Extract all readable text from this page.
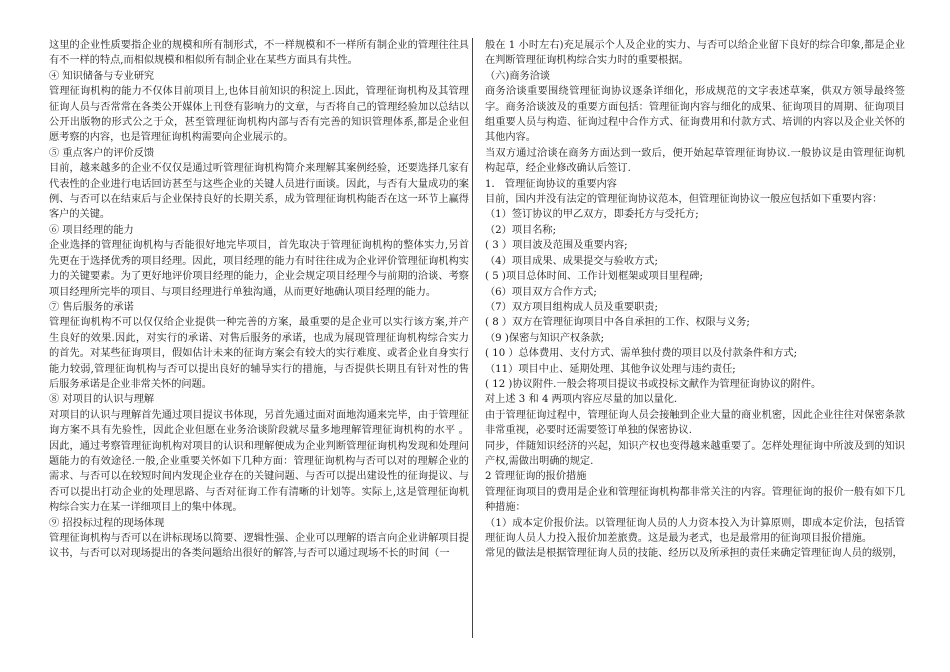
这里的企业性质要指企业的规模和所有制形式，不一样规模和不一样所有制企业的管理往往具有不一样的特点,而相似规模和相似所有制企业在某些方面具有共性。

④ 知识储备与专业研究

管理征询机构的能力不仅体目前项目上,也体目前知识的积淀上.因此，管理征询机构及其管理征询人员与否常常在各类公开媒体上刊登有影响力的文章，与否将自己的管理经验加以总结以公开出版物的形式公之于众，甚至管理征询机构内部与否有完善的知识管理体系,都是企业但愿考察的内容，也是管理征询机构需要向企业展示的。

⑤ 重点客户的评价反馈

目前，越来越多的企业不仅仅是通过听管理征询机构简介来理解其案例经验，还要选择几家有代表性的企业进行电话回访甚至与这些企业的关键人员进行面谈。因此，与否有大量成功的案例、与否可以在结束后与企业保持良好的长期关系，成为管理征询机构能否在这一环节上赢得客户的关键。

⑥ 项目经理的能力

企业选择的管理征询机构与否能很好地完毕项目，首先取决于管理征询机构的整体实力,另首先更在于选择优秀的项目经理。因此，项目经理的能力有时往往成为企业评价管理征询机构实力的关键要素。为了更好地评价项目经理的能力，企业会规定项目经理今与前期的洽谈、考察项目经理所完毕的项目、与项目经理进行单独沟通，从而更好地确认项目经理的能力。

⑦ 售后服务的承诺

管理征询机构不可以仅仅给企业提供一种完善的方案，最重要的是企业可以实行该方案,并产生良好的效果.因此，对实行的承诺、对售后服务的承诺，也成为展现管理征询机构综合实力的首先。对某些征询项目，假如估计未来的征询方案会有较大的实行难度、或者企业自身实行能力较弱,管理征询机构与否可以提出良好的辅导实行的措施，与否提供长期且有针对性的售后服务承诺是企业非常关怀的问题。

⑧ 对项目的认识与理解

对项目的认识与理解首先通过项目提议书体现，另首先通过面对面地沟通来完毕，由于管理征询方案不具有先验性，因此企业但愿在业务洽谈阶段就尽量多地理解管理征询机构的水平 。因此，通过考察管理征询机构对项目的认识和理解便成为企业判断管理征询机构发现和处理问题能力的有效途径.一般,企业重要关怀如下几种方面：管理征询机构与否可以对的理解企业的需求、与否可以在较短时间内发现企业存在的关键问题、与否可以提出建设性的征询提议、与否可以提出打动企业的处理思路、与否对征询工作有清晰的计划等。实际上,这是管理征询机构综合实力在某一详细项目上的集中体现。

⑨ 招投标过程的现场体现

管理征询机构与否可以在讲标现场以简要、逻辑性强、企业可以理解的语言向企业讲解项目提议书，与否可以对现场提出的各类问题给出很好的解答,与否可以通过现场不长的时间（一

般在 1 小时左右)充足展示个人及企业的实力、与否可以给企业留下良好的综合印象,都是企业在判断管理征询机构综合实力时的重要根据。

（六)商务洽谈

商务洽谈重要围绕管理征询协议逐条详细化，形成规范的文字表述草案，供双方领导最终签字。商务洽谈波及的重要方面包括：管理征询内容与细化的成果、征询项目的周期、征询项目组重要人员与构造、征询过程中合作方式、征询费用和付款方式、培训的内容以及企业关怀的其他内容。

当双方通过洽谈在商务方面达到一致后，便开始起草管理征询协议.一般协议是由管理征询机构起草，经企业修改确认后签订.

1． 管理征询协议的重要内容

目前，国内并没有法定的管理征询协议范本，但管理征询协议一般应包括如下重要内容：

（1）签订协议的甲乙双方，即委托方与受托方;

（2）项目名称;

( 3 ）项目波及范围及重要内容;

（4）项目成果、成果提交与验收方式;

( 5 )项目总体时间、工作计划框架或项目里程碑;

（6）项目双方合作方式;

（7）双方项目组构成人员及重要职责;

( 8 ）双方在管理征询项目中各自承担的工作、权限与义务;

（9 )保密与知识产权条款;

( 10 ）总体费用、支付方式、需单独付费的项目以及付款条件和方式;

（11）项目中止、延期处理、其他争议处理与违约责任;

( 12 )协议附件.一般会将项目提议书或投标文献作为管理征询协议的附件。

对上述 3 和 4 两项内容应尽量的加以量化.

由于管理征询过程中，管理征询人员会接触到企业大量的商业机密，因此企业往往对保密条款非常重视，必要时还需要签订单独的保密协议.

同步，伴随知识经济的兴起，知识产权也变得越来越重要了。怎样处理征询中所波及到的知识产权,需做出明确的规定.

2 管理征询的报价措施

管理征询项目的费用是企业和管理征询机构都非常关注的内容。管理征询的报价一般有如下几种措施：

（1）成本定价报价法。以管理征询人员的人力资本投入为计算原则，即成本定价法，包括管理征询人员人力投入报价加差旅费。这是最为老式，也是最常用的征询项目报价措施。

常见的做法是根据管理征询人员的技能、经历以及所承担的责任来确定管理征询人员的级别，
